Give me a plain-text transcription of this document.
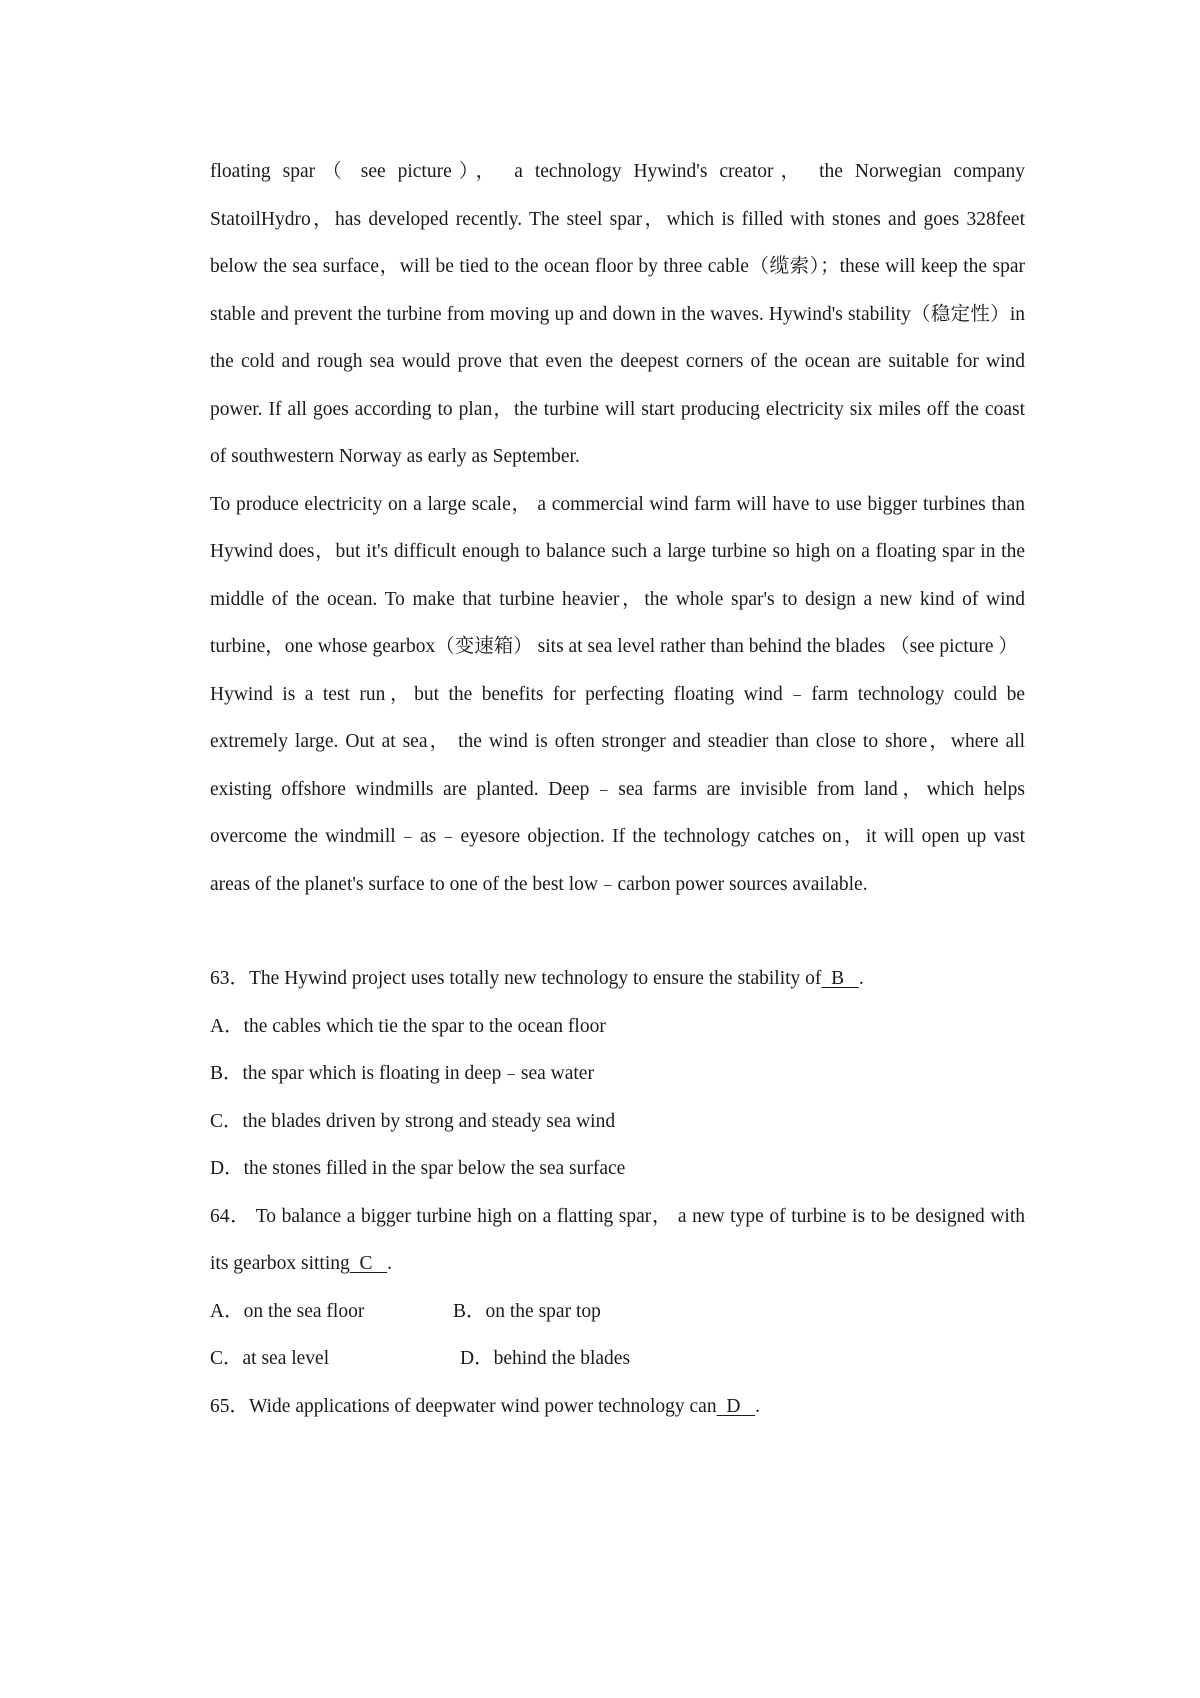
floating spar（ see picture）， a technology Hywind's creator， the Norwegian company StatoilHydro，has developed recently. The steel spar，which is filled with stones and goes 328feet below the sea surface，will be tied to the ocean floor by three cable（缆索）；these will keep the spar stable and prevent the turbine from moving up and down in the waves. Hywind's stability（稳定性）in the cold and rough sea would prove that even the deepest corners of the ocean are suitable for wind power. If all goes according to plan，the turbine will start producing electricity six miles off the coast of southwestern Norway as early as September.

To produce electricity on a large scale， a commercial wind farm will have to use bigger turbines than Hywind does，but it's difficult enough to balance such a large turbine so high on a floating spar in the middle of the ocean. To make that turbine heavier，the whole spar's to design a new kind of wind turbine，one whose gearbox（变速箱） sits at sea level rather than behind the blades （see picture ）

Hywind is a test run，but the benefits for perfecting floating wind﹣farm technology could be extremely large. Out at sea， the wind is often stronger and steadier than close to shore，where all existing offshore windmills are planted. Deep﹣sea farms are invisible from land，which helps overcome the windmill﹣as﹣eyesore objection. If the technology catches on，it will open up vast areas of the planet's surface to one of the best low﹣carbon power sources available.

63．The Hywind project uses totally new technology to ensure the stability of  B   .

A．the cables which tie the spar to the ocean floor

B．the spar which is floating in deep﹣sea water

C．the blades driven by strong and steady sea wind

D．the stones filled in the spar below the sea surface

64． To balance a bigger turbine high on a flatting spar， a new type of turbine is to be designed with its gearbox sitting  C   .

A．on the sea floor	B．on the spar top
C．at sea level	D．behind the blades

65．Wide applications of deepwater wind power technology can  D   .
